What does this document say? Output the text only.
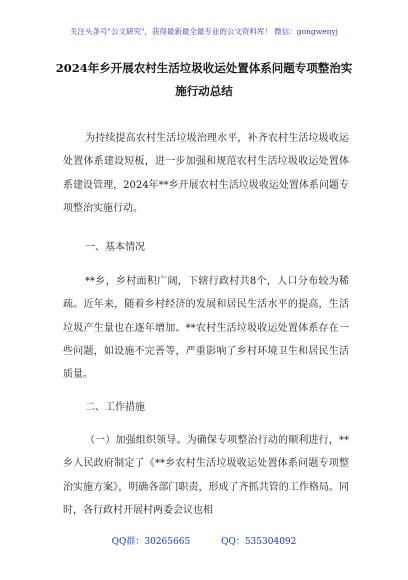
关注头条号"公文研究"，获得最新最全最专业的公文资料库！ 微信：gongwenyj
2024年乡开展农村生活垃圾收运处置体系问题专项整治实
施行动总结

为持续提高农村生活垃圾治理水平，补齐农村生活垃圾收运处置体系建设短板，进一步加强和规范农村生活垃圾收运处置体系建设管理，2024年**乡开展农村生活垃圾收运处置体系问题专项整治实施行动。

一、基本情况

**乡，乡村面积广阔，下辖行政村共8个，人口分布较为稀疏。近年来，随着乡村经济的发展和居民生活水平的提高，生活垃圾产生量也在逐年增加。**农村生活垃圾收运处置体系存在一些问题，如设施不完善等，严重影响了乡村环境卫生和居民生活质量。

二、工作措施

（一）加强组织领导。为确保专项整治行动的顺利进行，**乡人民政府制定了《**乡农村生活垃圾收运处置体系问题专项整治实施方案》，明确各部门职责，形成了齐抓共管的工作格局。同时，各行政村开展村两委会议也相

QQ群：30265665	QQ：535304092
